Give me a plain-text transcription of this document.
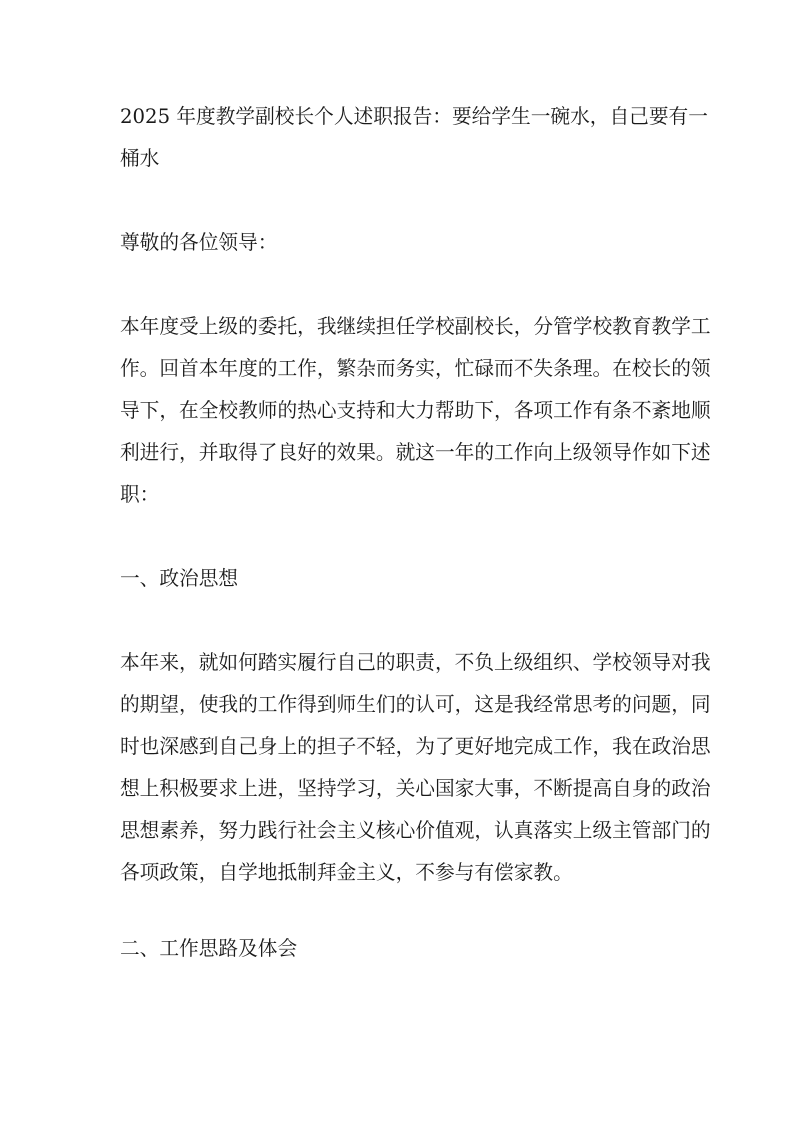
2025 年度教学副校长个人述职报告：要给学生一碗水，自己要有一
桶水
尊敬的各位领导：
本年度受上级的委托，我继续担任学校副校长，分管学校教育教学工
作。回首本年度的工作，繁杂而务实，忙碌而不失条理。在校长的领
导下，在全校教师的热心支持和大力帮助下，各项工作有条不紊地顺
利进行，并取得了良好的效果。就这一年的工作向上级领导作如下述
职：
一、政治思想
本年来，就如何踏实履行自己的职责，不负上级组织、学校领导对我
的期望，使我的工作得到师生们的认可，这是我经常思考的问题，同
时也深感到自己身上的担子不轻，为了更好地完成工作，我在政治思
想上积极要求上进，坚持学习，关心国家大事，不断提高自身的政治
思想素养，努力践行社会主义核心价值观，认真落实上级主管部门的
各项政策，自学地抵制拜金主义，不参与有偿家教。
二、工作思路及体会
